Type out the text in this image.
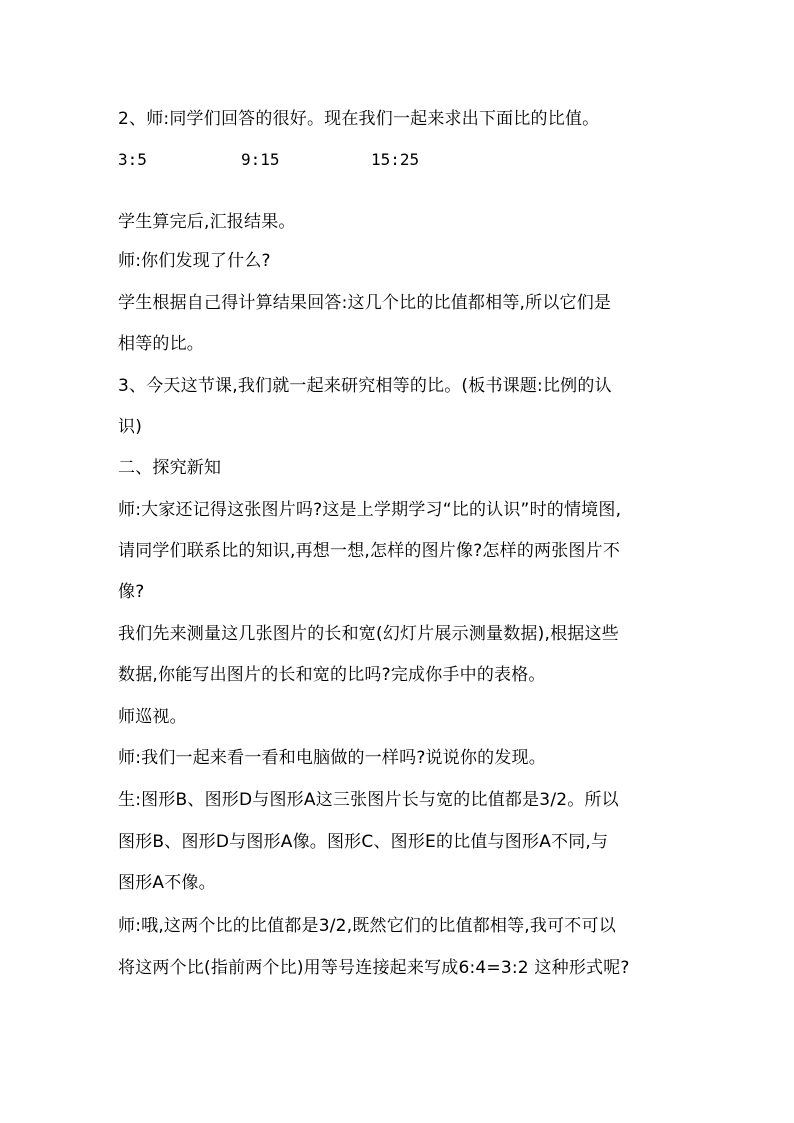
2、师:同学们回答的很好。现在我们一起来求出下面比的比值。
3:5	9:15	15:25
学生算完后,汇报结果。
师:你们发现了什么?
学生根据自己得计算结果回答:这几个比的比值都相等,所以它们是
相等的比。
3、今天这节课,我们就一起来研究相等的比。(板书课题:比例的认
识)
二、探究新知
师:大家还记得这张图片吗?这是上学期学习“比的认识”时的情境图,
请同学们联系比的知识,再想一想,怎样的图片像?怎样的两张图片不
像?
我们先来测量这几张图片的长和宽(幻灯片展示测量数据),根据这些
数据,你能写出图片的长和宽的比吗?完成你手中的表格。
师巡视。
师:我们一起来看一看和电脑做的一样吗?说说你的发现。
生:图形B、图形D与图形A这三张图片长与宽的比值都是3/2。所以
图形B、图形D与图形A像。图形C、图形E的比值与图形A不同,与
图形A不像。
师:哦,这两个比的比值都是3/2,既然它们的比值都相等,我可不可以
将这两个比(指前两个比)用等号连接起来写成6:4=3:2 这种形式呢?
